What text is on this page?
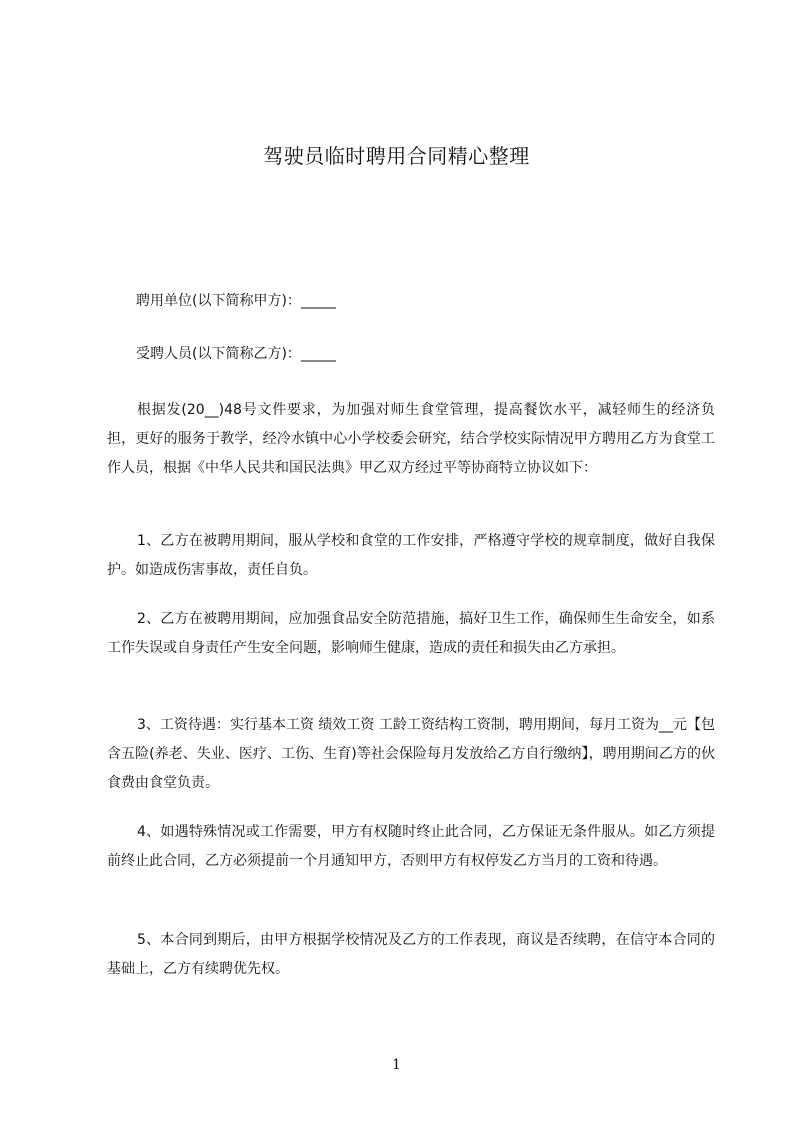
驾驶员临时聘用合同精心整理
聘用单位(以下简称甲方)：_____
受聘人员(以下简称乙方)：_____
根据发(20__)48号文件要求，为加强对师生食堂管理，提高餐饮水平，减轻师生的经济负担，更好的服务于教学，经冷水镇中心小学校委会研究，结合学校实际情况甲方聘用乙方为食堂工作人员，根据《中华人民共和国民法典》甲乙双方经过平等协商特立协议如下：
1、乙方在被聘用期间，服从学校和食堂的工作安排，严格遵守学校的规章制度，做好自我保护。如造成伤害事故，责任自负。
2、乙方在被聘用期间，应加强食品安全防范措施，搞好卫生工作，确保师生生命安全，如系工作失误或自身责任产生安全问题，影响师生健康，造成的责任和损失由乙方承担。
3、工资待遇：实行基本工资 绩效工资 工龄工资结构工资制，聘用期间，每月工资为__元【包含五险(养老、失业、医疗、工伤、生育)等社会保险每月发放给乙方自行缴纳】，聘用期间乙方的伙食费由食堂负责。
4、如遇特殊情况或工作需要，甲方有权随时终止此合同，乙方保证无条件服从。如乙方须提前终止此合同，乙方必须提前一个月通知甲方，否则甲方有权停发乙方当月的工资和待遇。
5、本合同到期后，由甲方根据学校情况及乙方的工作表现，商议是否续聘，在信守本合同的基础上，乙方有续聘优先权。
1
